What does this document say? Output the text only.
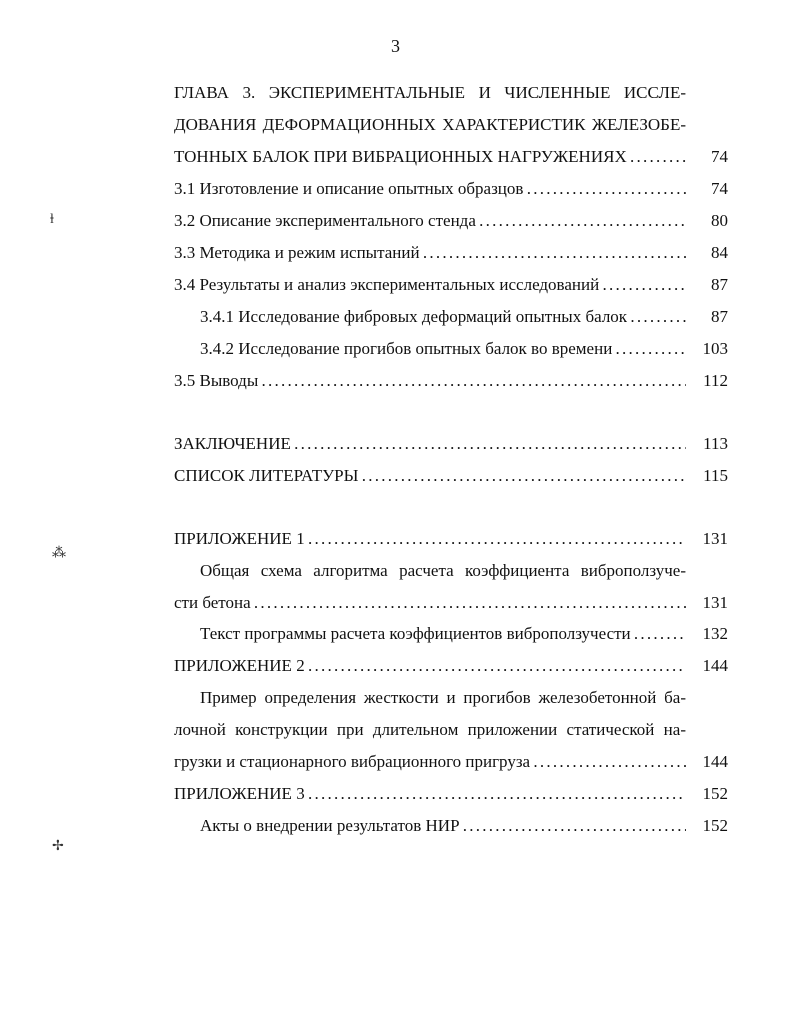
3
ГЛАВА 3. ЭКСПЕРИМЕНТАЛЬНЫЕ И ЧИСЛЕННЫЕ ИССЛЕ-
ДОВАНИЯ ДЕФОРМАЦИОННЫХ ХАРАКТЕРИСТИК ЖЕЛЕЗОБЕ-
ТОННЫХ БАЛОК ПРИ ВИБРАЦИОННЫХ НАГРУЖЕНИЯХ . . .	74
3.1 Изготовление и описание опытных образцов . . .	74
3.2 Описание экспериментального стенда . . .	80
3.3 Методика и режим испытаний . . .	84
3.4 Результаты и анализ экспериментальных исследований . . .	87
3.4.1 Исследование фибровых деформаций опытных балок . . .	87
3.4.2 Исследование прогибов опытных балок во времени . . .	103
3.5 Выводы . . .	112
ЗАКЛЮЧЕНИЕ . . .	113
СПИСОК ЛИТЕРАТУРЫ . . .	115
ПРИЛОЖЕНИЕ 1 . . .	131
Общая схема алгоритма расчета коэффициента виброползуче-
сти бетона . . .	131
Текст программы расчета коэффициентов виброползучести . . .	132
ПРИЛОЖЕНИЕ 2 . . .	144
Пример определения жесткости и прогибов железобетонной ба-
лочной конструкции при длительном приложении статической на-
грузки и стационарного вибрационного пригруза . . .	144
ПРИЛОЖЕНИЕ 3 . . .	152
Акты о внедрении результатов НИР . . .	152
ⱡ
⁂
✢
